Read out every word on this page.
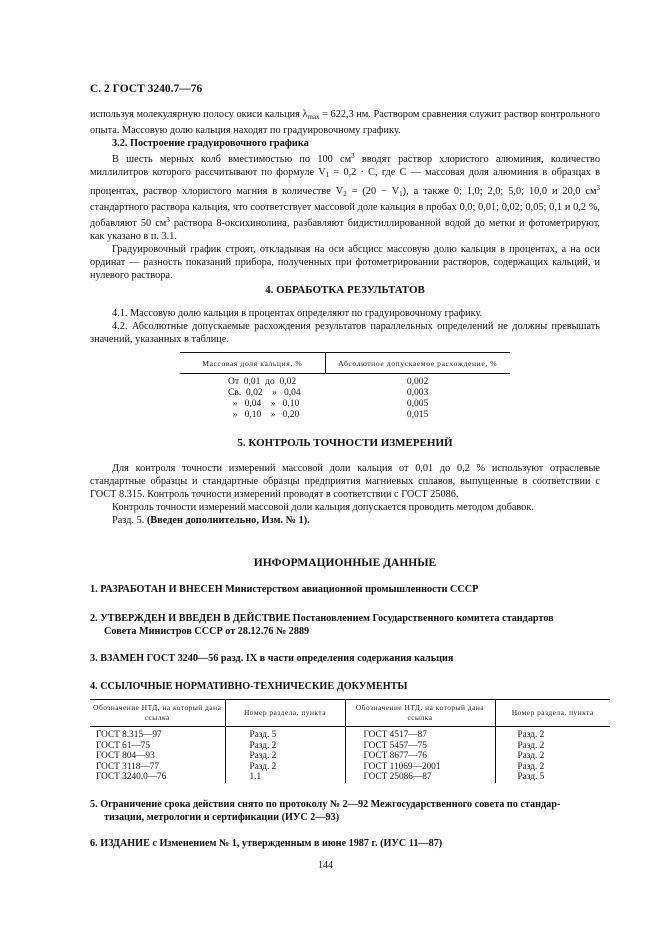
С. 2 ГОСТ 3240.7—76

используя молекулярную полосу окиси кальция $\lambda_{max} = 622,3$ нм. Раствором сравнения служит раствор контрольного опыта. Массовую долю кальция находят по градуировочному графику.

3.2. Построение градуировочного графика

В шесть мерных колб вместимостью по 100 $см^3$ вводят раствор хлористого алюминия, количество миллилитров которого рассчитывают по формуле $V_1 = 0,2 \cdot C$, где C — массовая доля алюминия в образцах в процентах, раствор хлористого магния в количестве $V_2 = (20 - V_1)$, а также 0; 1,0; 2,0; 5,0; 10,0 и 20,0 $см^3$ стандартного раствора кальция, что соответствует массовой доле кальция в пробах 0,0; 0,01; 0,02; 0,05; 0,1 и 0,2 %, добавляют 50 $см^3$ раствора 8-оксихинолина, разбавляют бидистиллированной водой до метки и фотометрируют, как указано в п. 3.1.

Градуировочный график строят, откладывая на оси абсцисс массовую долю кальция в процентах, а на оси ординат — разность показаний прибора, полученных при фотометрировании растворов, содержащих кальций, и нулевого раствора.

4. ОБРАБОТКА РЕЗУЛЬТАТОВ

4.1. Массовую долю кальция в процентах определяют по градуировочному графику.

4.2. Абсолютные допускаемые расхождения результатов параллельных определений не должны превышать значений, указанных в таблице.

Массовая доля кальция, %	Абсолютное допускаемое расхождение, %
От  0,01  до  0,02	0,002
Св.  0,02    »   0,04	0,003
»   0,04    »   0,10	0,005
»   0,10    »   0,20	0,015
5. КОНТРОЛЬ ТОЧНОСТИ ИЗМЕРЕНИЙ

Для контроля точности измерений массовой доли кальция от 0,01 до 0,2 % используют отраслевые стандартные образцы и стандартные образцы предприятия магниевых сплавов, выпущенные в соответствии с ГОСТ 8.315. Контроль точности измерений проводят в соответствии с ГОСТ 25086.

Контроль точности измерений массовой доли кальция допускается проводить методом добавок.

Разд. 5. (Введен дополнительно, Изм. № 1).

ИНФОРМАЦИОННЫЕ ДАННЫЕ
1. РАЗРАБОТАН И ВНЕСЕН Министерством авиационной промышленности СССР
2. УТВЕРЖДЕН И ВВЕДЕН В ДЕЙСТВИЕ Постановлением Государственного комитета стандартов
Совета Министров СССР от 28.12.76 № 2889
3. ВЗАМЕН ГОСТ 3240—56 разд. IX в части определения содержания кальция
4. ССЫЛОЧНЫЕ НОРМАТИВНО-ТЕХНИЧЕСКИЕ ДОКУМЕНТЫ
Обозначение НТД, на который дана ссылка	Номер раздела, пункта	Обозначение НТД, на который дана ссылка	Номер раздела, пункта
ГОСТ 8.315—97	Разд. 5	ГОСТ 4517—87	Разд. 2
ГОСТ 61—75	Разд. 2	ГОСТ 5457—75	Разд. 2
ГОСТ 804—93	Разд. 2	ГОСТ 8677—76	Разд. 2
ГОСТ 3118—77	Разд. 2	ГОСТ 11069—2001	Разд. 2
ГОСТ 3240.0—76	1.1	ГОСТ 25086—87	Разд. 5
5. Ограничение срока действия снято по протоколу № 2—92 Межгосударственного совета по стандар-
тизации, метрологии и сертификации (ИУС 2—93)
6. ИЗДАНИЕ с Изменением № 1, утвержденным в июне 1987 г. (ИУС 11—87)
144
